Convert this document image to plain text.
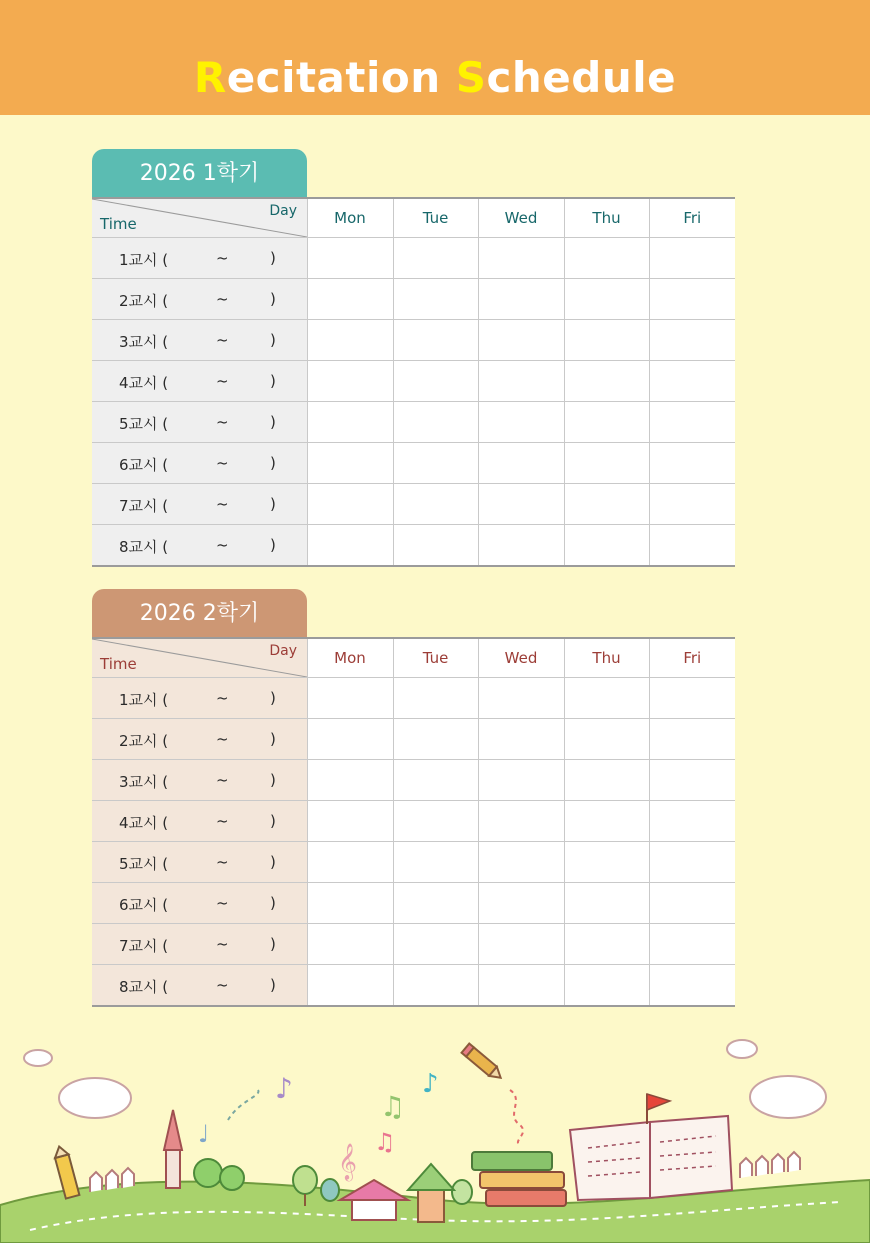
Recitation Schedule
2026 1학기
Day
Time	Mon	Tue	Wed	Thu	Fri

1교시 ( ~ )					

2교시 ( ~ )					

3교시 ( ~ )					

4교시 ( ~ )					

5교시 ( ~ )					

6교시 ( ~ )					

7교시 ( ~ )					

8교시 ( ~ )					

2026 2학기
Day
Time	Mon	Tue	Wed	Thu	Fri

1교시 ( ~ )					

2교시 ( ~ )					

3교시 ( ~ )					

4교시 ( ~ )					

5교시 ( ~ )					

6교시 ( ~ )					

7교시 ( ~ )					

8교시 ( ~ )					

♪
♩
♫
♪
♫
𝄞
